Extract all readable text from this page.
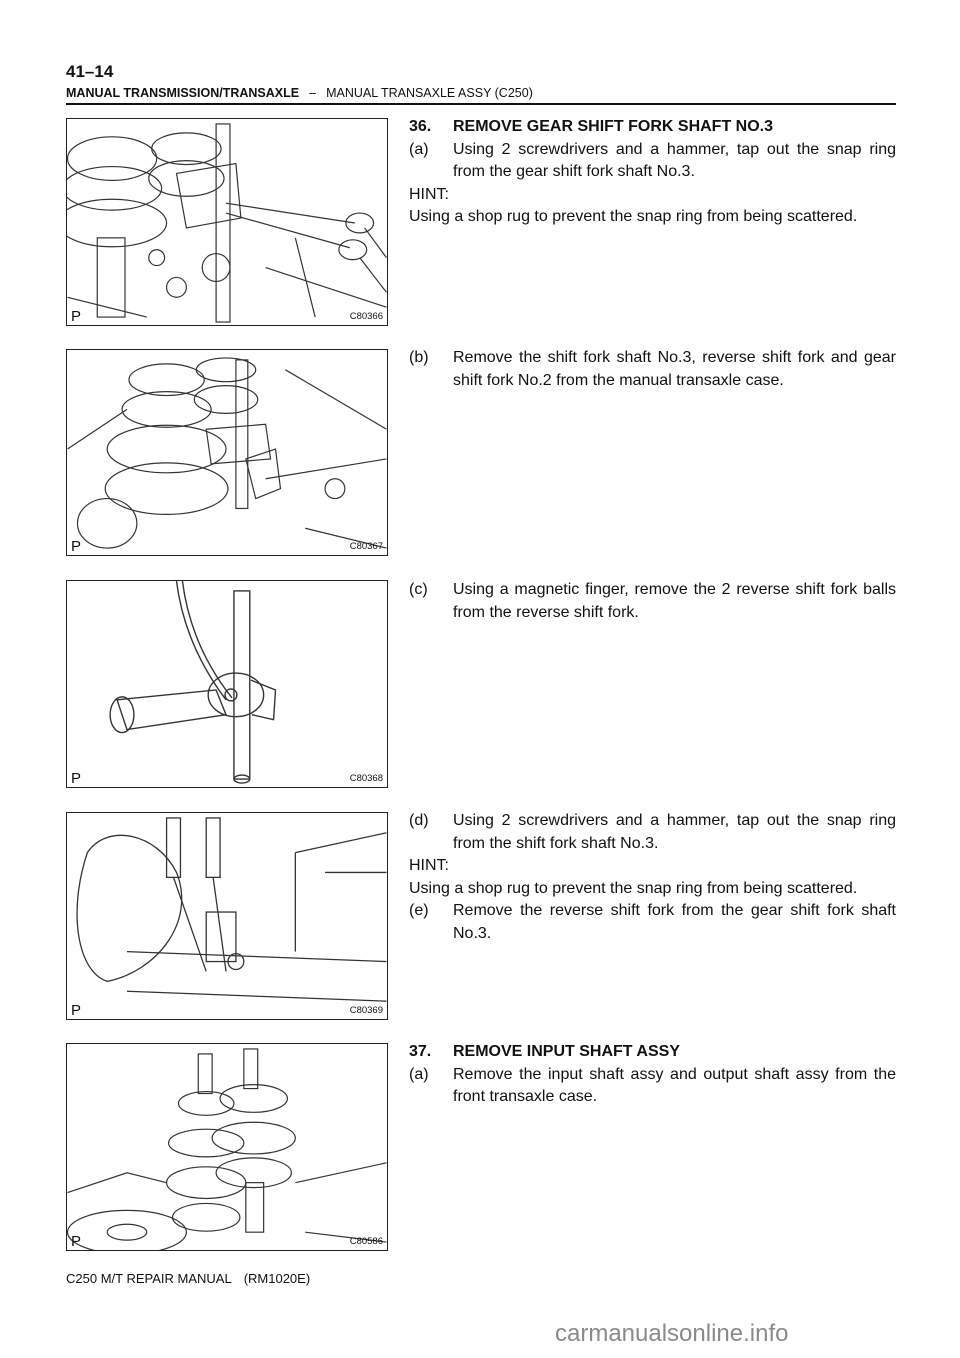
41–14
MANUAL TRANSMISSION/TRANSAXLE – MANUAL TRANSAXLE ASSY (C250)
P	C80366
P	C80367
P	C80368
P	C80369
P	C80586
36. REMOVE GEAR SHIFT FORK SHAFT NO.3
(a) Using 2 screwdrivers and a hammer, tap out the snap ring from the gear shift fork shaft No.3.
HINT:
Using a shop rug to prevent the snap ring from being scattered.
(b) Remove the shift fork shaft No.3, reverse shift fork and gear shift fork No.2 from the manual transaxle case.
(c) Using a magnetic finger, remove the 2 reverse shift fork balls from the reverse shift fork.
(d) Using 2 screwdrivers and a hammer, tap out the snap ring from the shift fork shaft No.3.
HINT:
Using a shop rug to prevent the snap ring from being scattered.
(e) Remove the reverse shift fork from the gear shift fork shaft No.3.
37. REMOVE INPUT SHAFT ASSY
(a) Remove the input shaft assy and output shaft assy from the front transaxle case.
C250 M/T REPAIR MANUAL (RM1020E)
carmanualsonline.info
